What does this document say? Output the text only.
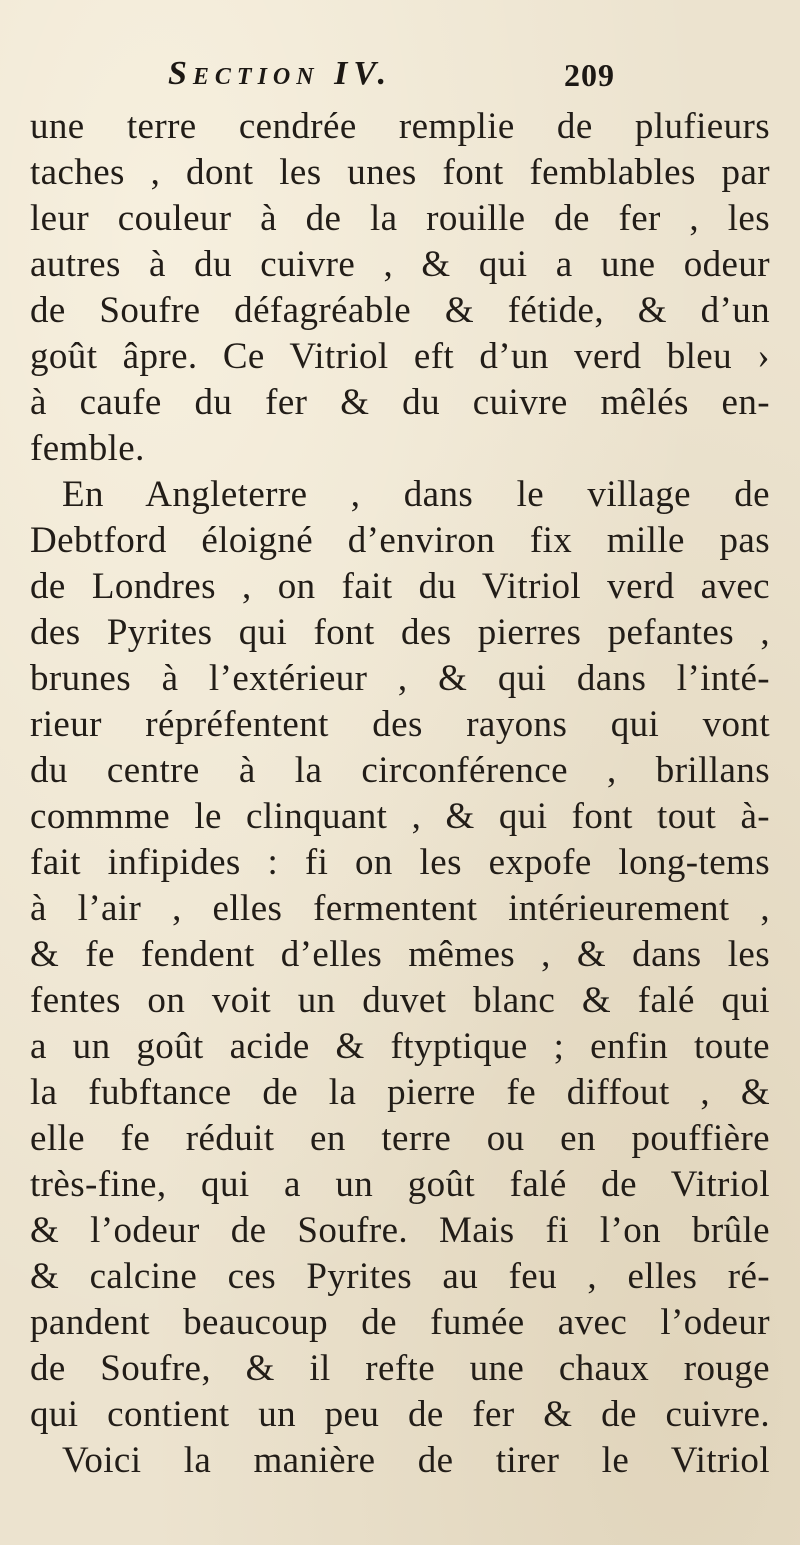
Section IV.	209
une terre cendrée remplie de plufieurs
taches , dont les unes font femblables par
leur couleur à de la rouille de fer , les
autres à du cuivre , & qui a une odeur
de Soufre défagréable & fétide, & d’un
goût âpre. Ce Vitriol eft d’un verd bleu ›
à caufe du fer & du cuivre mêlés en-
femble.
En Angleterre , dans le village de
Debtford éloigné d’environ fix mille pas
de Londres , on fait du Vitriol verd avec
des Pyrites qui font des pierres pefantes ,
brunes à l’extérieur , & qui dans l’inté-
rieur répréfentent des rayons qui vont
du centre à la circonférence , brillans
commme le clinquant , & qui font tout à-
fait infipides : fi on les expofe long-tems
à l’air , elles fermentent intérieurement ,
& fe fendent d’elles mêmes , & dans les
fentes on voit un duvet blanc & falé qui
a un goût acide & ftyptique ; enfin toute
la fubftance de la pierre fe diffout , &
elle fe réduit en terre ou en pouffière
très-fine, qui a un goût falé de Vitriol
& l’odeur de Soufre. Mais fi l’on brûle
& calcine ces Pyrites au feu , elles ré-
pandent beaucoup de fumée avec l’odeur
de Soufre, & il refte une chaux rouge
qui contient un peu de fer & de cuivre.
Voici la manière de tirer le Vitriol
